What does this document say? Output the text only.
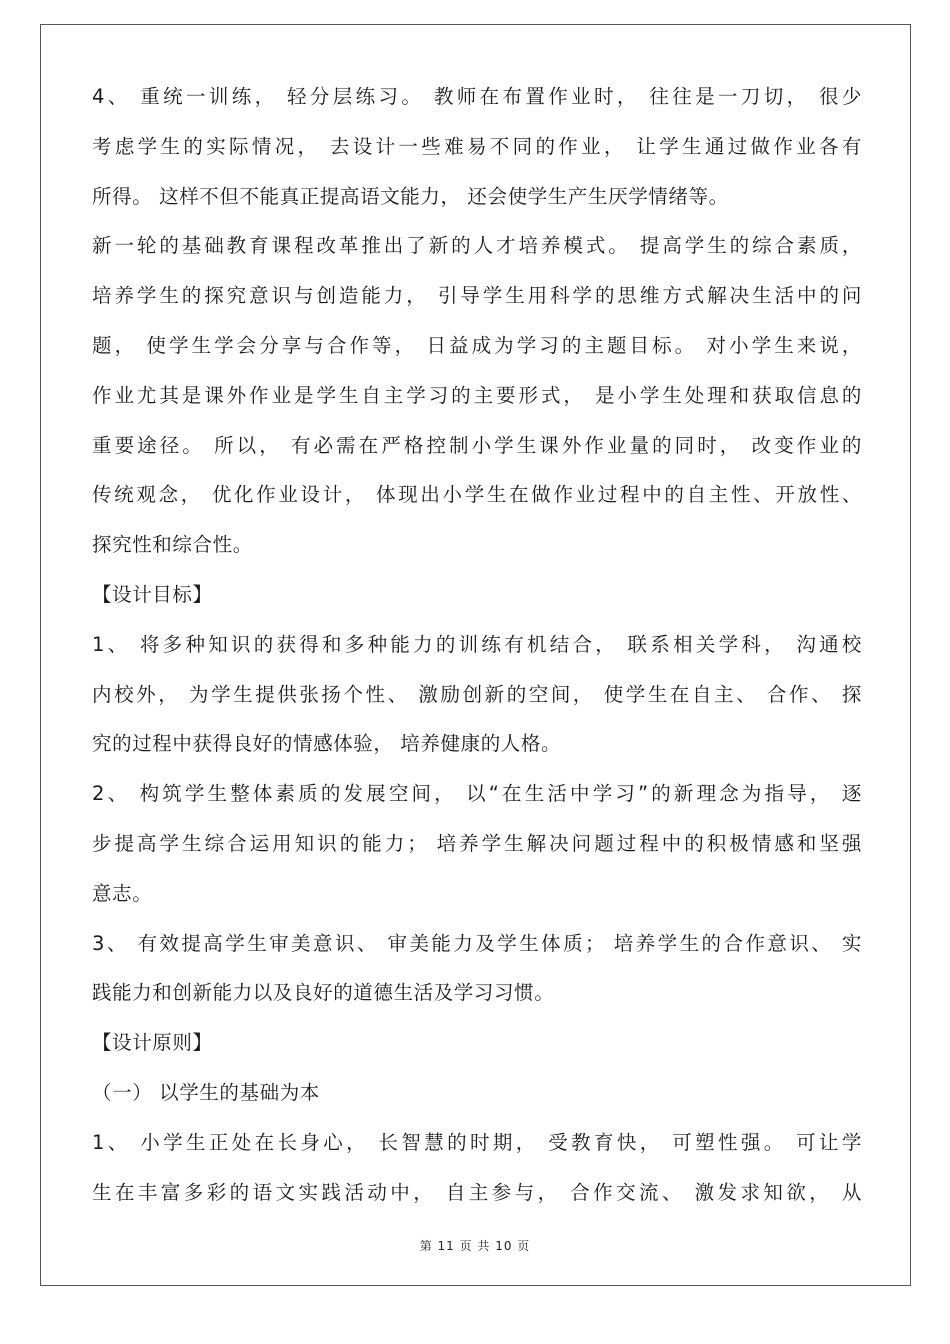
4、 重统一训练， 轻分层练习。 教师在布置作业时， 往往是一刀切， 很少
考虑学生的实际情况， 去设计一些难易不同的作业， 让学生通过做作业各有
所得。 这样不但不能真正提高语文能力， 还会使学生产生厌学情绪等。
新一轮的基础教育课程改革推出了新的人才培养模式。 提高学生的综合素质，
培养学生的探究意识与创造能力， 引导学生用科学的思维方式解决生活中的问
题， 使学生学会分享与合作等， 日益成为学习的主题目标。 对小学生来说，
作业尤其是课外作业是学生自主学习的主要形式， 是小学生处理和获取信息的
重要途径。 所以， 有必需在严格控制小学生课外作业量的同时， 改变作业的
传统观念， 优化作业设计， 体现出小学生在做作业过程中的自主性、开放性、
探究性和综合性。
【设计目标】
1、 将多种知识的获得和多种能力的训练有机结合， 联系相关学科， 沟通校
内校外， 为学生提供张扬个性、 激励创新的空间， 使学生在自主、 合作、 探
究的过程中获得良好的情感体验， 培养健康的人格。
2、 构筑学生整体素质的发展空间， 以“在生活中学习”的新理念为指导， 逐
步提高学生综合运用知识的能力； 培养学生解决问题过程中的积极情感和坚强
意志。
3、 有效提高学生审美意识、 审美能力及学生体质； 培养学生的合作意识、 实
践能力和创新能力以及良好的道德生活及学习习惯。
【设计原则】
（一） 以学生的基础为本
1、 小学生正处在长身心， 长智慧的时期， 受教育快， 可塑性强。 可让学
生在丰富多彩的语文实践活动中， 自主参与， 合作交流、 激发求知欲， 从
第 11 页 共 10 页
